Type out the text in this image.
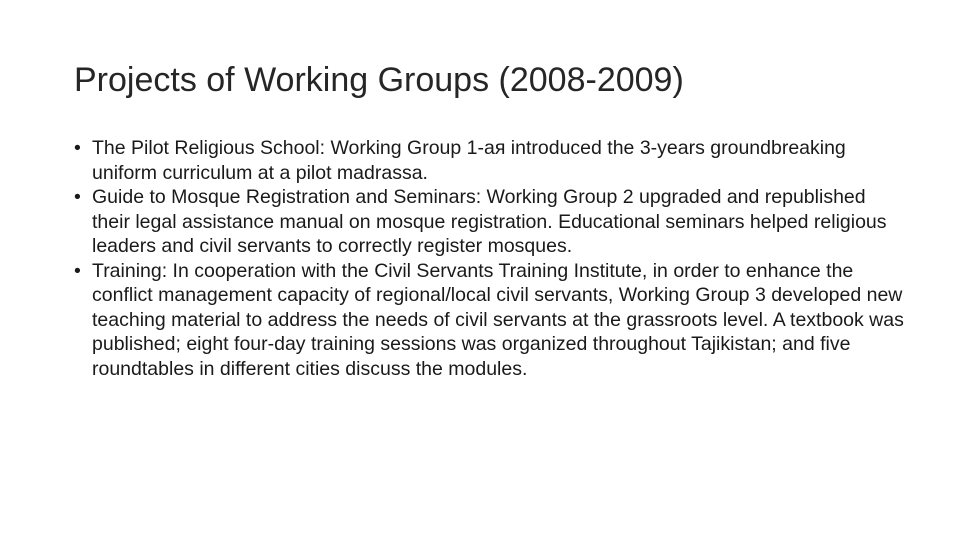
Projects of Working Groups (2008-2009)
• The Pilot Religious School: Working Group 1-ая introduced the 3-years groundbreaking uniform curriculum at a pilot madrassa.
• Guide to Mosque Registration and Seminars: Working Group 2 upgraded and republished their legal assistance manual on mosque registration. Educational seminars helped religious leaders and civil servants to correctly register mosques.
• Training: In cooperation with the Civil Servants Training Institute, in order to enhance the conflict management capacity of regional/local civil servants, Working Group 3 developed new teaching material to address the needs of civil servants at the grassroots level. A textbook was published; eight four-day training sessions was organized throughout Tajikistan; and five roundtables in different cities discuss the modules.
